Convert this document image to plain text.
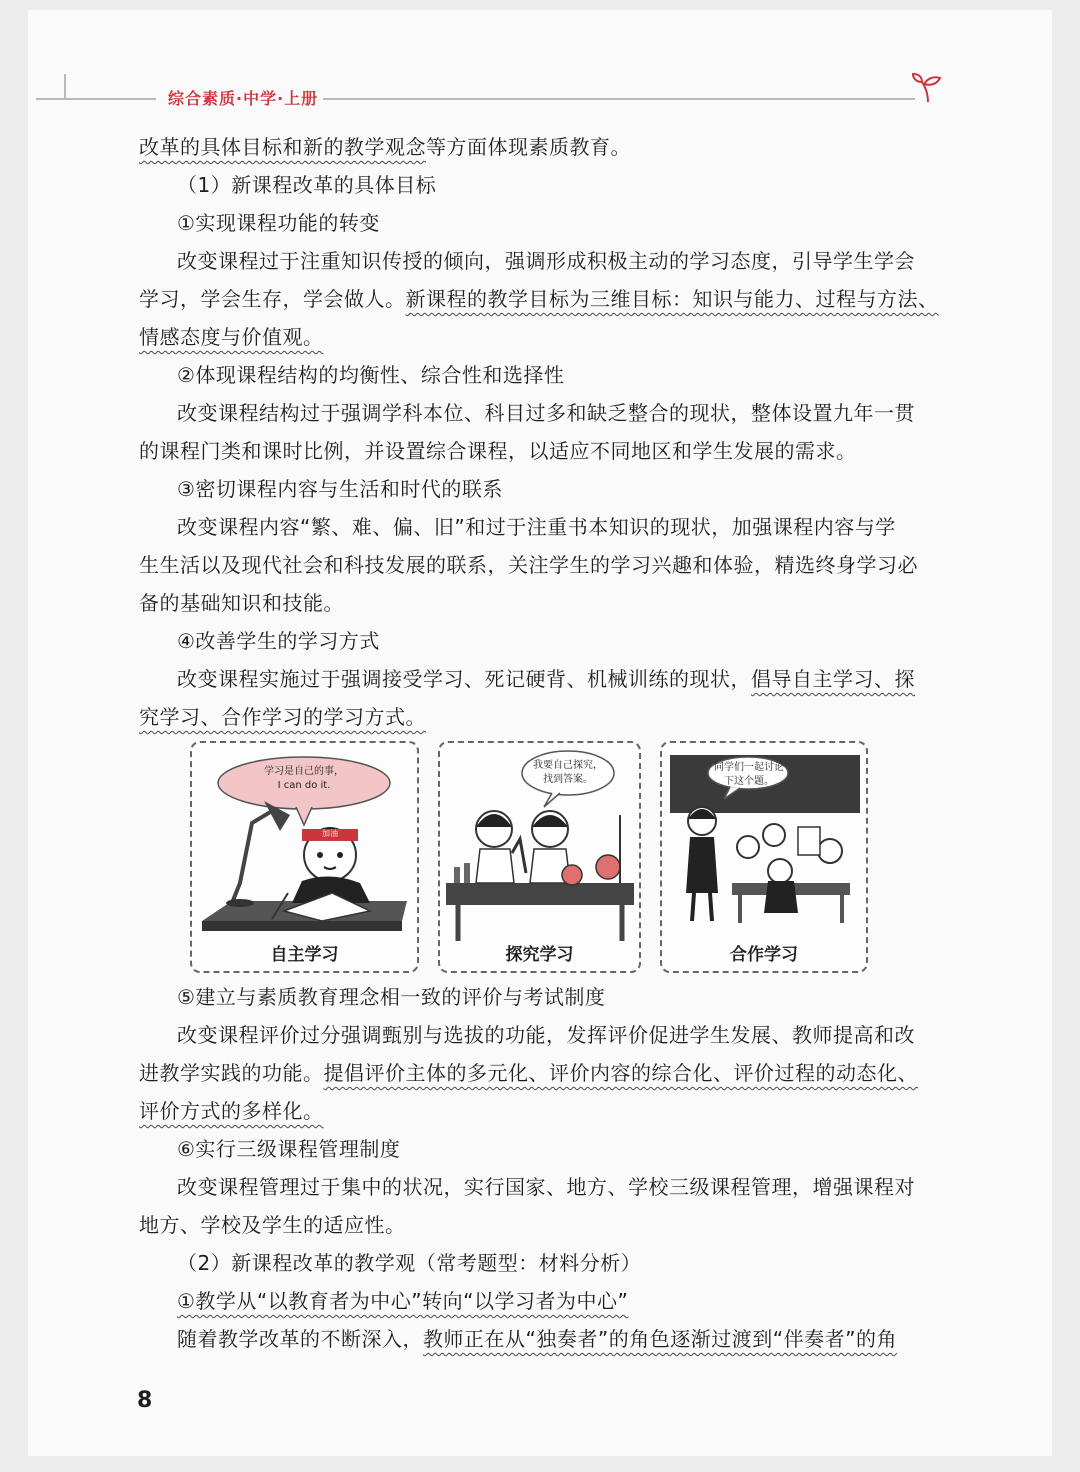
综合素质·中学·上册
改革的具体目标和新的教学观念等方面体现素质教育。
（1）新课程改革的具体目标
①实现课程功能的转变
改变课程过于注重知识传授的倾向，强调形成积极主动的学习态度，引导学生学会
学习，学会生存，学会做人。新课程的教学目标为三维目标：知识与能力、过程与方法、
情感态度与价值观。
②体现课程结构的均衡性、综合性和选择性
改变课程结构过于强调学科本位、科目过多和缺乏整合的现状，整体设置九年一贯
的课程门类和课时比例，并设置综合课程，以适应不同地区和学生发展的需求。
③密切课程内容与生活和时代的联系
改变课程内容“繁、难、偏、旧”和过于注重书本知识的现状，加强课程内容与学
生生活以及现代社会和科技发展的联系，关注学生的学习兴趣和体验，精选终身学习必
备的基础知识和技能。
④改善学生的学习方式
改变课程实施过于强调接受学习、死记硬背、机械训练的现状，倡导自主学习、探
究学习、合作学习的学习方式。
学习是自己的事，
I can do it.
加油
自主学习
我要自己探究，
找到答案。
探究学习
同学们一起讨论
下这个题。
合作学习
⑤建立与素质教育理念相一致的评价与考试制度
改变课程评价过分强调甄别与选拔的功能，发挥评价促进学生发展、教师提高和改
进教学实践的功能。提倡评价主体的多元化、评价内容的综合化、评价过程的动态化、
评价方式的多样化。
⑥实行三级课程管理制度
改变课程管理过于集中的状况，实行国家、地方、学校三级课程管理，增强课程对
地方、学校及学生的适应性。
（2）新课程改革的教学观（常考题型：材料分析）
①教学从“以教育者为中心”转向“以学习者为中心”
随着教学改革的不断深入，教师正在从“独奏者”的角色逐渐过渡到“伴奏者”的角
8
